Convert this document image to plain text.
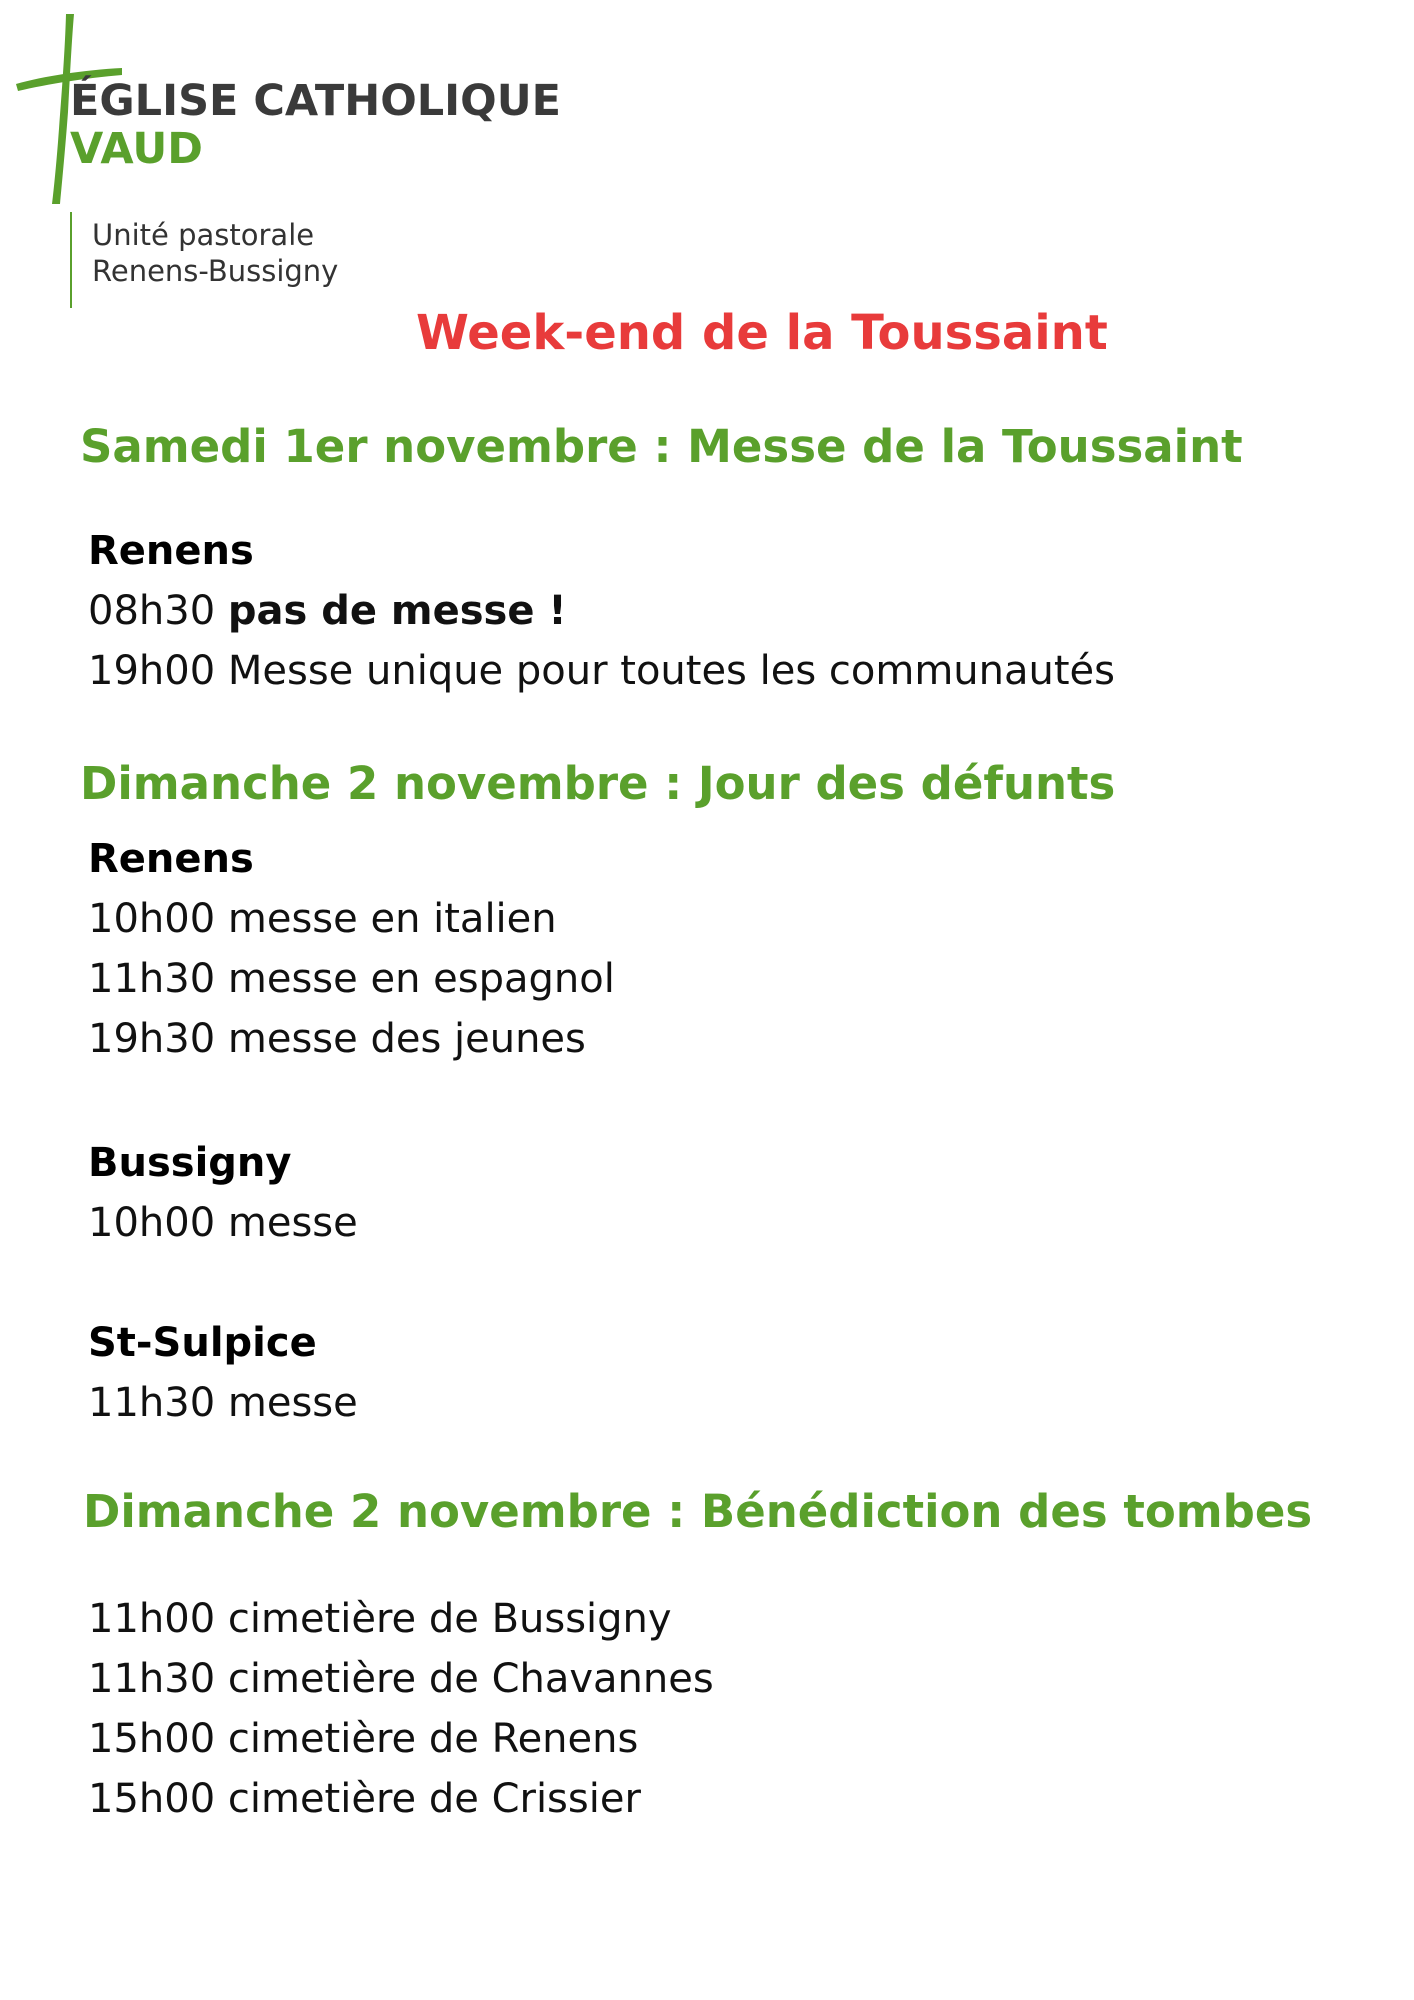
ÉGLISE CATHOLIQUE
VAUD
Unité pastorale
Renens-Bussigny
Week-end de la Toussaint
Samedi 1er novembre : Messe de la Toussaint
Renens
08h30 pas de messe !
19h00 Messe unique pour toutes les communautés
Dimanche 2 novembre : Jour des défunts
Renens
10h00 messe en italien
11h30 messe en espagnol
19h30 messe des jeunes
Bussigny
10h00 messe
St-Sulpice
11h30 messe
Dimanche 2 novembre : Bénédiction des tombes
11h00 cimetière de Bussigny
11h30 cimetière de Chavannes
15h00 cimetière de Renens
15h00 cimetière de Crissier
